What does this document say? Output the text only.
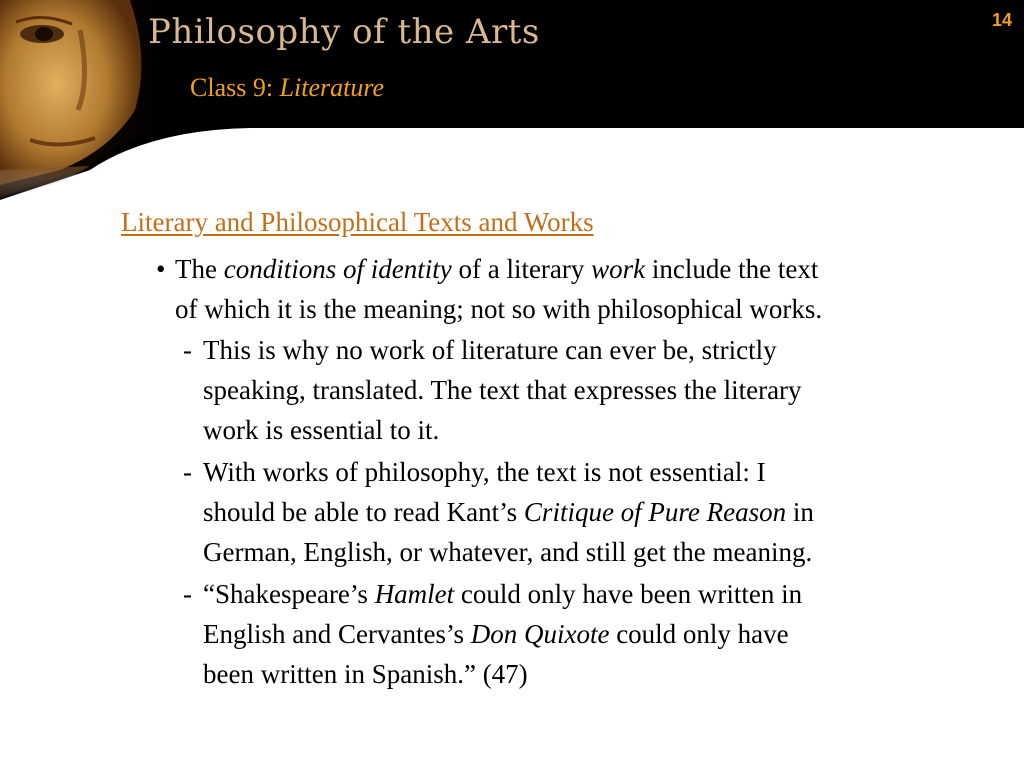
Philosophy of the Arts	14
Class 9: Literature
Literary and Philosophical Texts and Works
• The conditions of identity of a literary work include the text
of which it is the meaning; not so with philosophical works.
- This is why no work of literature can ever be, strictly
speaking, translated. The text that expresses the literary
work is essential to it.
- With works of philosophy, the text is not essential: I
should be able to read Kant’s Critique of Pure Reason in
German, English, or whatever, and still get the meaning.
- “Shakespeare’s Hamlet could only have been written in
English and Cervantes’s Don Quixote could only have
been written in Spanish.” (47)
